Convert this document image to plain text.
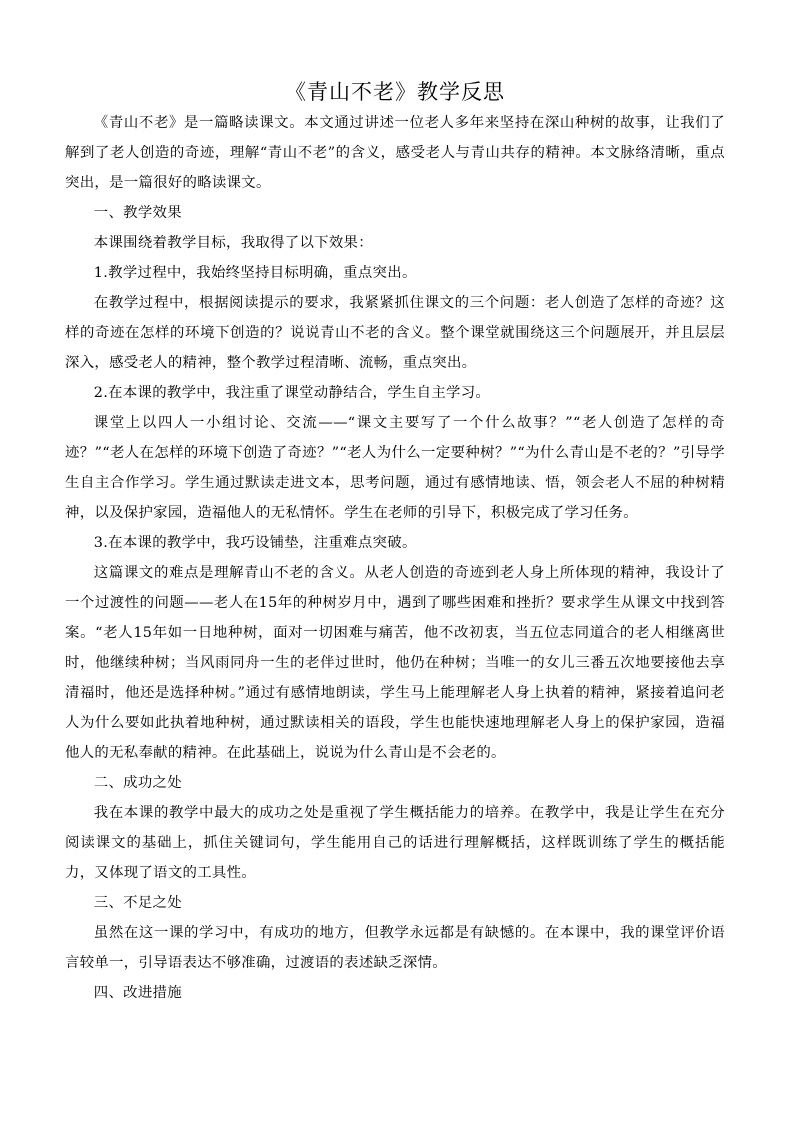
《青山不老》教学反思

《青山不老》是一篇略读课文。本文通过讲述一位老人多年来坚持在深山种树的故事，让我们了解到了老人创造的奇迹，理解“青山不老”的含义，感受老人与青山共存的精神。本文脉络清晰，重点突出，是一篇很好的略读课文。

一、教学效果

本课围绕着教学目标，我取得了以下效果：

1.教学过程中，我始终坚持目标明确，重点突出。

在教学过程中，根据阅读提示的要求，我紧紧抓住课文的三个问题：老人创造了怎样的奇迹？这样的奇迹在怎样的环境下创造的？说说青山不老的含义。整个课堂就围绕这三个问题展开，并且层层深入，感受老人的精神，整个教学过程清晰、流畅，重点突出。

2.在本课的教学中，我注重了课堂动静结合，学生自主学习。

课堂上以四人一小组讨论、交流——“课文主要写了一个什么故事？”“老人创造了怎样的奇迹？”“老人在怎样的环境下创造了奇迹？”“老人为什么一定要种树？”“为什么青山是不老的？”引导学生自主合作学习。学生通过默读走进文本，思考问题，通过有感情地读、悟，领会老人不屈的种树精神，以及保护家园，造福他人的无私情怀。学生在老师的引导下，积极完成了学习任务。

3.在本课的教学中，我巧设铺垫，注重难点突破。

这篇课文的难点是理解青山不老的含义。从老人创造的奇迹到老人身上所体现的精神，我设计了一个过渡性的问题——老人在15年的种树岁月中，遇到了哪些困难和挫折？要求学生从课文中找到答案。“老人15年如一日地种树，面对一切困难与痛苦，他不改初衷，当五位志同道合的老人相继离世时，他继续种树；当风雨同舟一生的老伴过世时，他仍在种树；当唯一的女儿三番五次地要接他去享清福时，他还是选择种树。”通过有感情地朗读，学生马上能理解老人身上执着的精神，紧接着追问老人为什么要如此执着地种树，通过默读相关的语段，学生也能快速地理解老人身上的保护家园，造福他人的无私奉献的精神。在此基础上，说说为什么青山是不会老的。

二、成功之处

我在本课的教学中最大的成功之处是重视了学生概括能力的培养。在教学中，我是让学生在充分阅读课文的基础上，抓住关键词句，学生能用自己的话进行理解概括，这样既训练了学生的概括能力，又体现了语文的工具性。

三、不足之处

虽然在这一课的学习中，有成功的地方，但教学永远都是有缺憾的。在本课中，我的课堂评价语言较单一，引导语表达不够准确，过渡语的表述缺乏深情。

四、改进措施
